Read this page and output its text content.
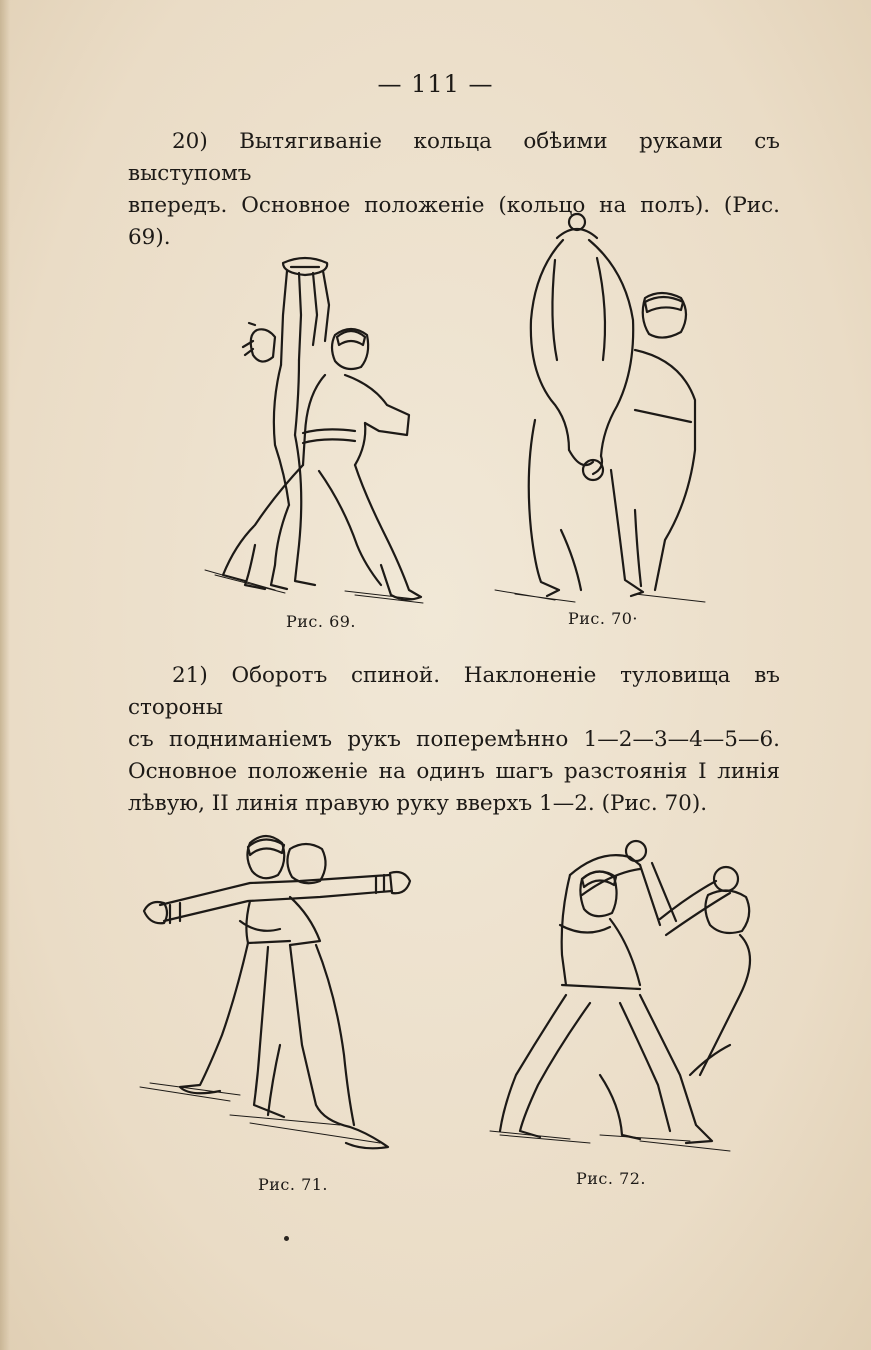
— 111 —
20) Вытягиванiе кольца обѣими руками съ выступомъ
впередъ. Основное положенiе (кольцо на полъ). (Рис. 69).
Рис. 69.	Рис. 70·
21) Оборотъ спиной. Наклоненiе туловища въ стороны
съ подниманiемъ рукъ поперемѣнно 1—2—3—4—5—6.
Основное положенiе на одинъ шагъ разстоянiя I линiя
лѣвую, II линiя правую руку вверхъ 1—2. (Рис. 70).
Рис. 71.	Рис. 72.
